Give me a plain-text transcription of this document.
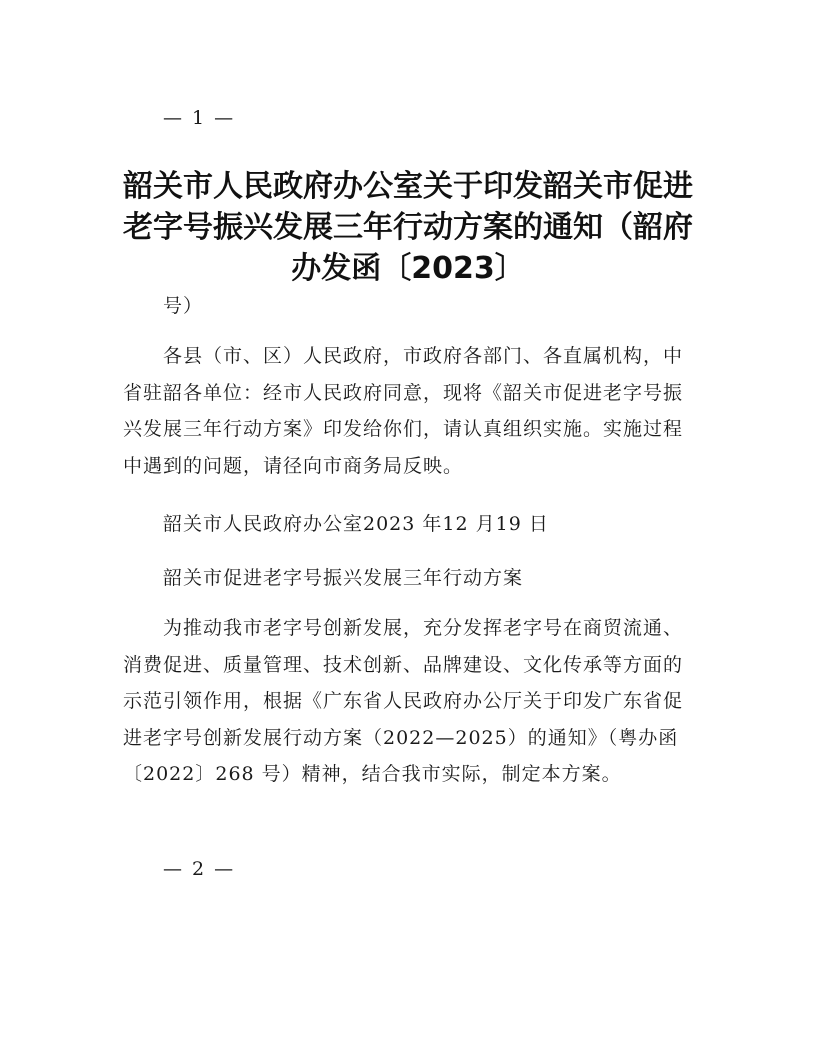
— 1 —
韶关市人民政府办公室关于印发韶关市促进老字号振兴发展三年行动方案的通知（韶府办发函〔2023〕

号）

各县（市、区）人民政府，市政府各部门、各直属机构，中省驻韶各单位：经市人民政府同意，现将《韶关市促进老字号振兴发展三年行动方案》印发给你们，请认真组织实施。实施过程中遇到的问题，请径向市商务局反映。

韶关市人民政府办公室2023 年12 月19 日

韶关市促进老字号振兴发展三年行动方案

为推动我市老字号创新发展，充分发挥老字号在商贸流通、消费促进、质量管理、技术创新、品牌建设、文化传承等方面的示范引领作用，根据《广东省人民政府办公厅关于印发广东省促进老字号创新发展行动方案（2022—2025）的通知》（粤办函〔2022〕268 号）精神，结合我市实际，制定本方案。

— 2 —
